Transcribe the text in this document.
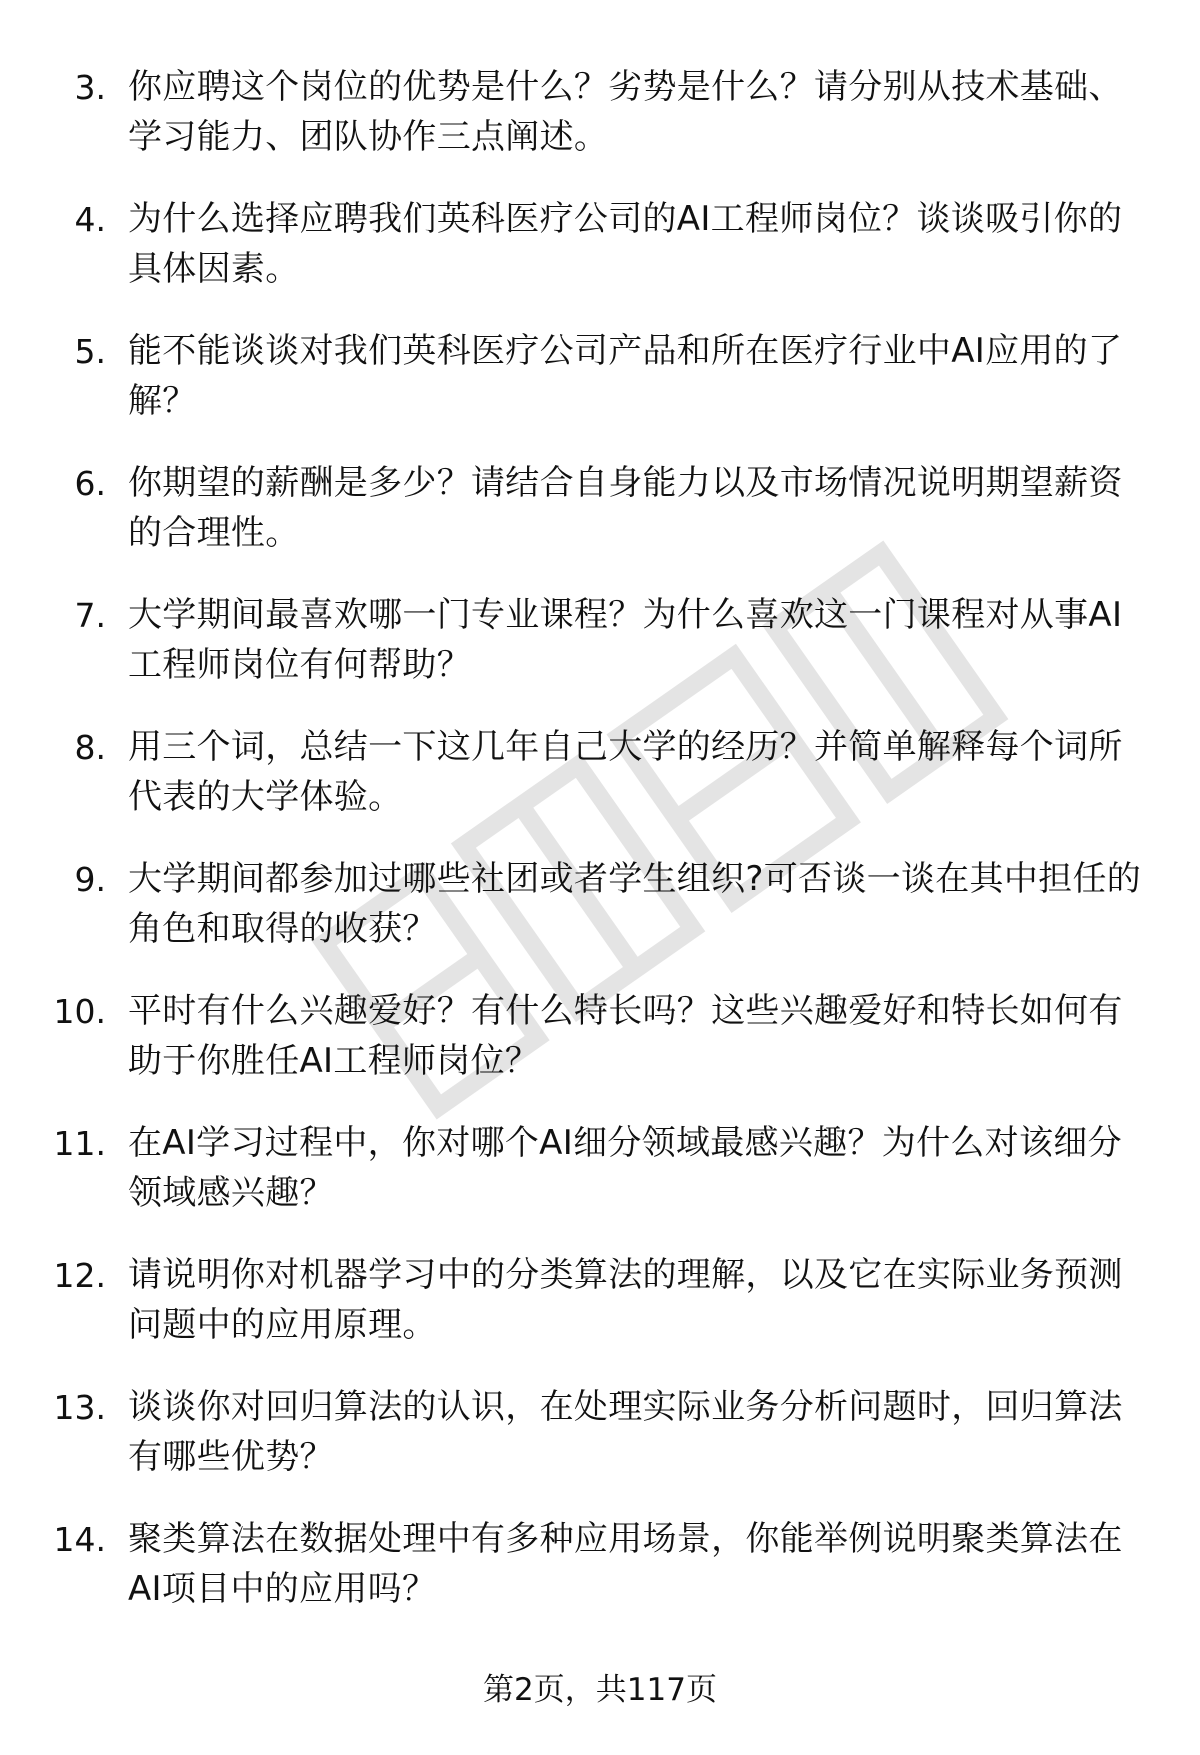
3. 你应聘这个岗位的优势是什么？劣势是什么？请分别从技术基础、学习能力、团队协作三点阐述。
4. 为什么选择应聘我们英科医疗公司的AI工程师岗位？谈谈吸引你的具体因素。
5. 能不能谈谈对我们英科医疗公司产品和所在医疗行业中AI应用的了解？
6. 你期望的薪酬是多少？请结合自身能力以及市场情况说明期望薪资的合理性。
7. 大学期间最喜欢哪一门专业课程？为什么喜欢这一门课程对从事AI工程师岗位有何帮助？
8. 用三个词，总结一下这几年自己大学的经历？并简单解释每个词所代表的大学体验。
9. 大学期间都参加过哪些社团或者学生组织?可否谈一谈在其中担任的角色和取得的收获？
10. 平时有什么兴趣爱好？有什么特长吗？这些兴趣爱好和特长如何有助于你胜任AI工程师岗位？
11. 在AI学习过程中，你对哪个AI细分领域最感兴趣？为什么对该细分领域感兴趣？
12. 请说明你对机器学习中的分类算法的理解，以及它在实际业务预测问题中的应用原理。
13. 谈谈你对回归算法的认识，在处理实际业务分析问题时，回归算法有哪些优势？
14. 聚类算法在数据处理中有多种应用场景，你能举例说明聚类算法在AI项目中的应用吗？
第2页，共117页
